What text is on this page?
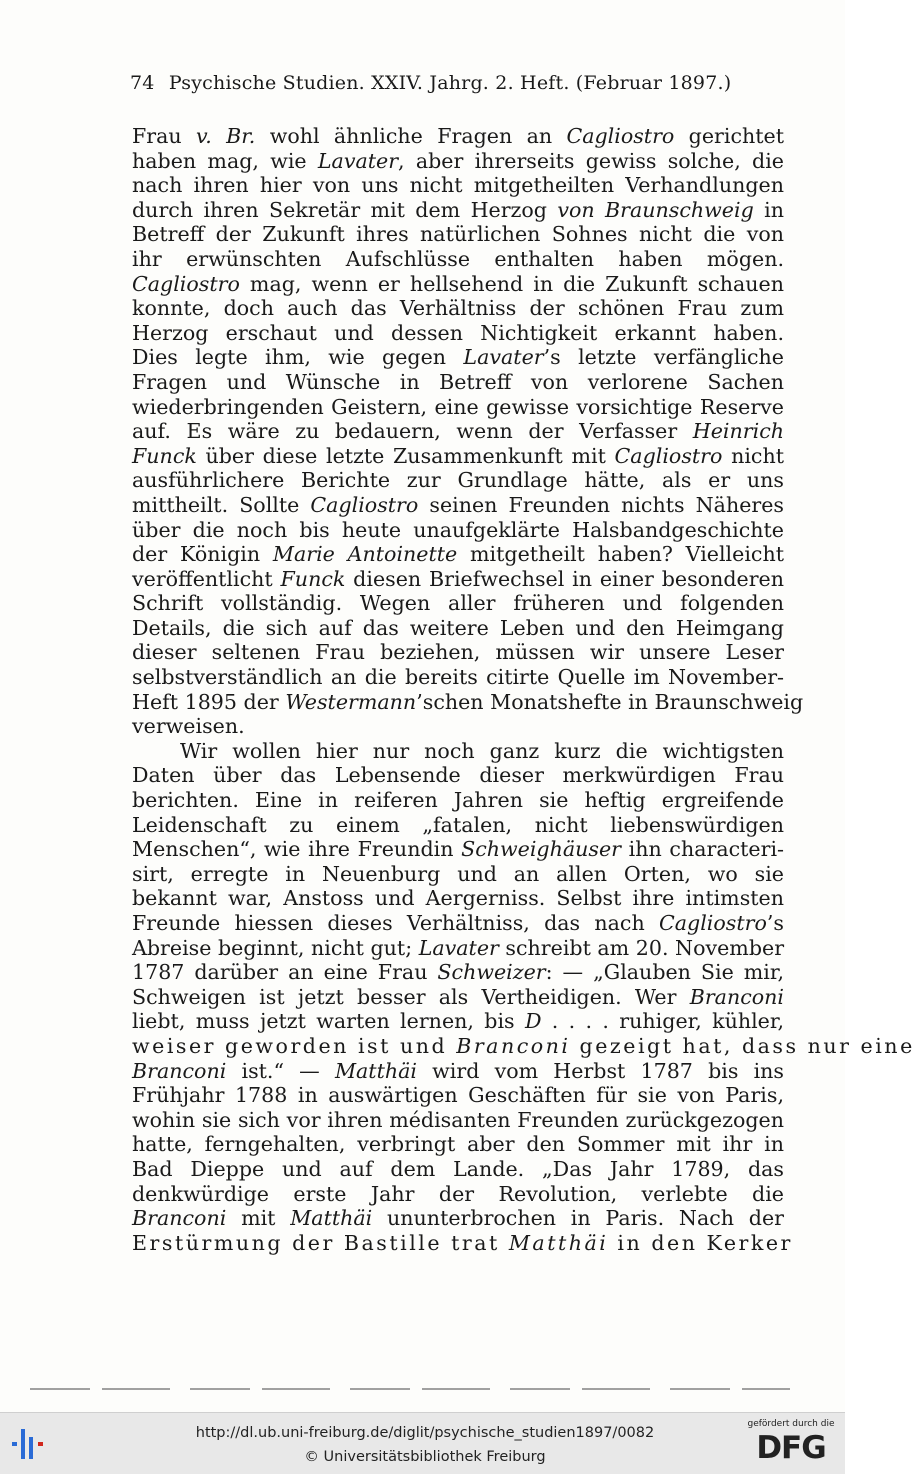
74 Psychische Studien. XXIV. Jahrg. 2. Heft. (Februar 1897.)
Frau v. Br. wohl ähnliche Fragen an Cagliostro gerichtet
haben mag, wie Lavater, aber ihrerseits gewiss solche, die
nach ihren hier von uns nicht mitgetheilten Verhandlungen
durch ihren Sekretär mit dem Herzog von Braunschweig in
Betreff der Zukunft ihres natürlichen Sohnes nicht die von
ihr erwünschten Aufschlüsse enthalten haben mögen.
Cagliostro mag, wenn er hellsehend in die Zukunft schauen
konnte, doch auch das Verhältniss der schönen Frau zum
Herzog erschaut und dessen Nichtigkeit erkannt haben.
Dies legte ihm, wie gegen Lavater’s letzte verfängliche
Fragen und Wünsche in Betreff von verlorene Sachen
wiederbringenden Geistern, eine gewisse vorsichtige Reserve
auf. Es wäre zu bedauern, wenn der Verfasser Heinrich
Funck über diese letzte Zusammenkunft mit Cagliostro nicht
ausführlichere Berichte zur Grundlage hätte, als er uns
mittheilt. Sollte Cagliostro seinen Freunden nichts Näheres
über die noch bis heute unaufgeklärte Halsbandgeschichte
der Königin Marie Antoinette mitgetheilt haben? Vielleicht
veröffentlicht Funck diesen Briefwechsel in einer besonderen
Schrift vollständig. Wegen aller früheren und folgenden
Details, die sich auf das weitere Leben und den Heimgang
dieser seltenen Frau beziehen, müssen wir unsere Leser
selbstverständlich an die bereits citirte Quelle im November-
Heft 1895 der Westermann’schen Monatshefte in Braunschweig
verweisen.
Wir wollen hier nur noch ganz kurz die wichtigsten
Daten über das Lebensende dieser merkwürdigen Frau
berichten. Eine in reiferen Jahren sie heftig ergreifende
Leidenschaft zu einem „fatalen, nicht liebenswürdigen
Menschen“, wie ihre Freundin Schweighäuser ihn characteri-
sirt, erregte in Neuenburg und an allen Orten, wo sie
bekannt war, Anstoss und Aergerniss. Selbst ihre intimsten
Freunde hiessen dieses Verhältniss, das nach Cagliostro’s
Abreise beginnt, nicht gut; Lavater schreibt am 20. November
1787 darüber an eine Frau Schweizer: — „Glauben Sie mir,
Schweigen ist jetzt besser als Vertheidigen. Wer Branconi
liebt, muss jetzt warten lernen, bis D . . . . ruhiger, kühler,
weiser geworden ist und Branconi gezeigt hat, dass nur eine
Branconi ist.“ — Matthäi wird vom Herbst 1787 bis ins
Frühjahr 1788 in auswärtigen Geschäften für sie von Paris,
wohin sie sich vor ihren médisanten Freunden zurückgezogen
hatte, ferngehalten, verbringt aber den Sommer mit ihr in
Bad Dieppe und auf dem Lande. „Das Jahr 1789, das
denkwürdige erste Jahr der Revolution, verlebte die
Branconi mit Matthäi ununterbrochen in Paris. Nach der
Erstürmung der Bastille trat Matthäi in den Kerker
http://dl.ub.uni-freiburg.de/diglit/psychische_studien1897/0082
© Universitätsbibliothek Freiburg
gefördert durch die
DFG
